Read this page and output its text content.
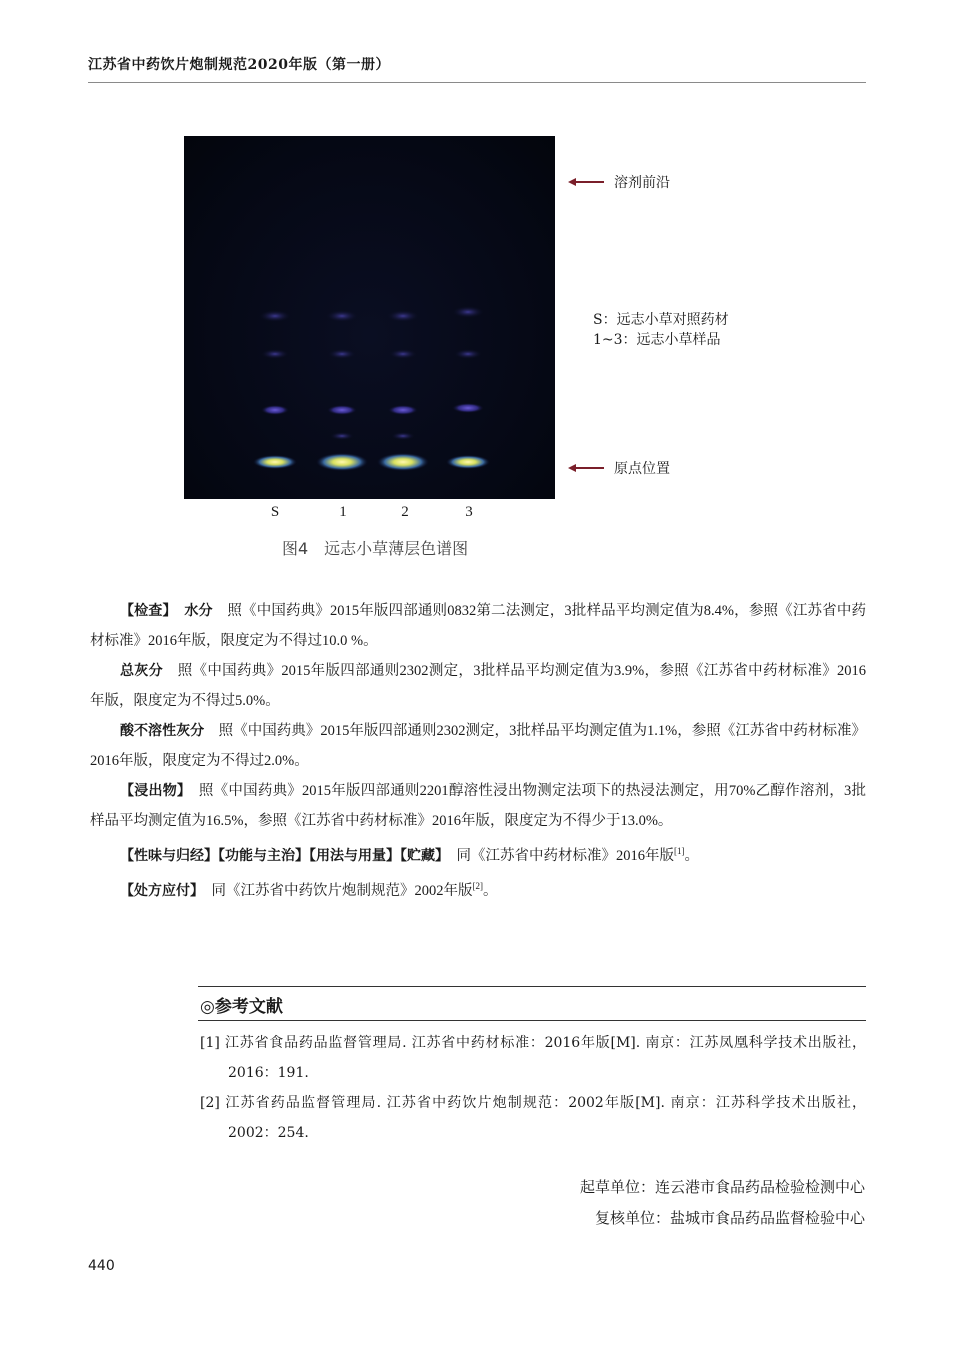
江苏省中药饮片炮制规范2020年版（第一册）
S	1	2	3
图4　远志小草薄层色谱图
溶剂前沿
原点位置
S：远志小草对照药材
1~3：远志小草样品

【检查】　 水分　 照《中国药典》2015年版四部通则0832第二法测定，3批样品平均测定值为8.4%，参照《江苏省中药材标准》2016年版，限度定为不得过10.0 %。

总灰分　 照《中国药典》2015年版四部通则2302测定，3批样品平均测定值为3.9%，参照《江苏省中药材标准》2016年版，限度定为不得过5.0%。

酸不溶性灰分　 照《中国药典》2015年版四部通则2302测定，3批样品平均测定值为1.1%，参照《江苏省中药材标准》2016年版，限度定为不得过2.0%。

【浸出物】　 照《中国药典》2015年版四部通则2201醇溶性浸出物测定法项下的热浸法测定，用70%乙醇作溶剂，3批样品平均测定值为16.5%，参照《江苏省中药材标准》2016年版，限度定为不得少于13.0%。

【性味与归经】【功能与主治】【用法与用量】【贮藏】　 同《江苏省中药材标准》2016年版[1]。

【处方应付】　 同《江苏省中药饮片炮制规范》2002年版[2]。

◎参考文献
[1] 江苏省食品药品监督管理局. 江苏省中药材标准：2016年版[M]. 南京：江苏凤凰科学技术出版社，2016：191.
[2] 江苏省药品监督管理局. 江苏省中药饮片炮制规范：2002年版[M]. 南京：江苏科学技术出版社，2002：254.
起草单位：连云港市食品药品检验检测中心
复核单位：盐城市食品药品监督检验中心
440
